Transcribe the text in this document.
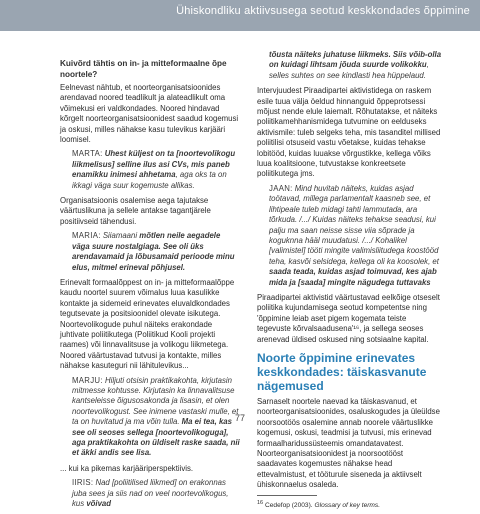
Ühiskondliku aktiivsusega seotud keskkondades õppimine
Kuivõrd tähtis on in- ja mitteformaalne õpe noortele?

Eelnevast nähtub, et noorteorganisatsioonides arendavad noored teadlikult ja alateadlikult oma võimekusi eri valdkondades. Noored hindavad kõrgelt noorteorganisatsioonidest saadud kogemusi ja oskusi, milles nähakse kasu tulevikus karjääri loomisel.

MARTA: Uhest küljest on ta [noortevolikogu liikmelisus] selline ilus asi CVs, mis paneb enamikku inimesi ahhetama, aga oks ta on ikkagi väga suur kogemuste allikas.

Organisatsioonis osalemise aega tajutakse väärtuslikuna ja sellele antakse tagantjärele positiivseid tähendusi.

MARIA: Siiamaani mõtlen neile aegadele väga suure nostalgiaga. See oli üks arendavamaid ja lõbusamaid perioode minu elus, mitmel erineval põhjusel.

Erinevalt formaalõppest on in- ja mitteformaalõppe kaudu noortel suurem võimalus luua kasulikke kontakte ja sidemeid erinevates eluvaldkondades tegutsevate ja positsioonidel olevate isikutega. Noortevolikogude puhul näiteks erakondade juhtivate poliitikutega (Poliitikud Kooli projekti raames) või linnavalitsuse ja volikogu liikmetega. Noored väärtustavad tutvusi ja kontakte, milles nähakse kasuteguri nii lähitulevikus...

MARJU: Hiljuti otsisin praktikakohta, kirjutasin mitmesse kohtusse. Kirjutasin ka linnavalitsuse kantseleisse õigusosakonda ja lisasin, et olen noortevolikogust. See inimene vastaski mulle, et ta on huvitatud ja ma võin tulla. Ma ei tea, kas see oli seoses sellega [noortevolikoguga], aga praktikakohta on üldiselt raske saada, nii et äkki andis see lisa.

... kui ka pikemas karjääriperspektiivis.

IIRIS: Nad [poliitilised liikmed] on erakonnas juba sees ja siis nad on veel noortevolikogus, kus võivad
tõusta näiteks juhatuse liikmeks. Siis võib-olla on kuidagi lihtsam jõuda suurde volikokku, selles suhtes on see kindlasti hea hüppelaud.

Intervjuudest Piraadipartei aktivistidega on raskem esile tuua välja öeldud hinnanguid õppeprotsessi mõjust nende elule laiemalt. Rõhutatakse, et näiteks poliitikamehhanismidega tutvumine on eelduseks aktivismile: tuleb selgeks teha, mis tasanditel millised poliitilisi otsuseid vastu võetakse, kuidas tehakse lobitööd, kuidas luuakse võrgustikke, kellega võiks luua koalitsioone, tutvustakse konkreetsete poliitikutega jms.

JAAN: Mind huvitab näiteks, kuidas asjad toötavad, millega parlamentalt kaasneb see, et lihtipeale tuleb midagi tahti lammutada, ara tõrkuda. /.../ Kuidas näiteks tehakse seadusi, kui palju ma saan neisse sisse viia sõprade ja koguknna hääl muudatusi. /.../ Kohalikel [valimistel] tööti mingite valimisliitudega koostööd teha, kasvõi selsidega, kellega oli ka koosolek, et saada teada, kuidas asjad toimuvad, kes ajab mida ja [saada] mingite nägudega tuttavaks

Piraadipartei aktivistid väärtustavad eelkõige otseselt poliitika kujundamisega seotud kompetentse ning 'õppimine leiab aset pigem kogemata teiste tegevuste kõrvalsaadusena'¹⁶, ja sellega seoses arenevad üldised oskused ning sotsiaalne kapital.

Noorte õppimine erinevates keskkondades: täiskasvanute nägemused

Sarnaselt noortele naevad ka täiskasvanud, et noorteorganisatsioonides, osaluskogudes ja üleüldse noorsootöös osalemine annab noorele väärtuslikke kogemusi, oskusi, teadmisi ja tutvusi, mis erinevad formaalharidussüsteemis omandatavatest. Noorteorganisatsioonidest ja noorsootööst saadavates kogemustes nähakse head ettevalmistust, et tööturule siseneda ja aktiivselt ühiskonnaelus osaleda.

$^{16}$ Cedefop (2003). Glossary of key terms.
77
